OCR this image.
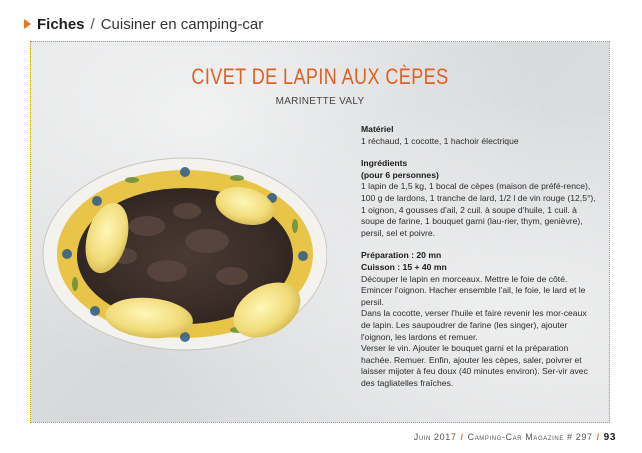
Fiches / Cuisiner en camping-car
CIVET DE LAPIN AUX CÈPES
MARINETTE VALY

Matériel

1 réchaud, 1 cocotte, 1 hachoir électrique

Ingrédients

(pour 6 personnes)

1 lapin de 1,5 kg, 1 bocal de cèpes (maison de préfé-rence), 100 g de lardons, 1 tranche de lard, 1/2 l de vin rouge (12,5°), 1 oignon, 4 gousses d'ail, 2 cuil. à soupe d'huile, 1 cuil. à soupe de farine, 1 bouquet garni (lau-rier, thym, genièvre), persil, sel et poivre.

Préparation : 20 mn

Cuisson : 15 + 40 mn

Découper le lapin en morceaux. Mettre le foie de côté. Emincer l'oignon. Hacher ensemble l'ail, le foie, le lard et le persil.

Dans la cocotte, verser l'huile et faire revenir les mor-ceaux de lapin. Les saupoudrer de farine (les singer), ajouter l'oignon, les lardons et remuer.

Verser le vin. Ajouter le bouquet garni et la préparation hachée. Remuer. Enfin, ajouter les cèpes, saler, poivrer et laisser mijoter à feu doux (40 minutes environ). Ser-vir avec des tagliatelles fraîches.

Juin 2017 / Camping-Car Magazine # 297 / 93
